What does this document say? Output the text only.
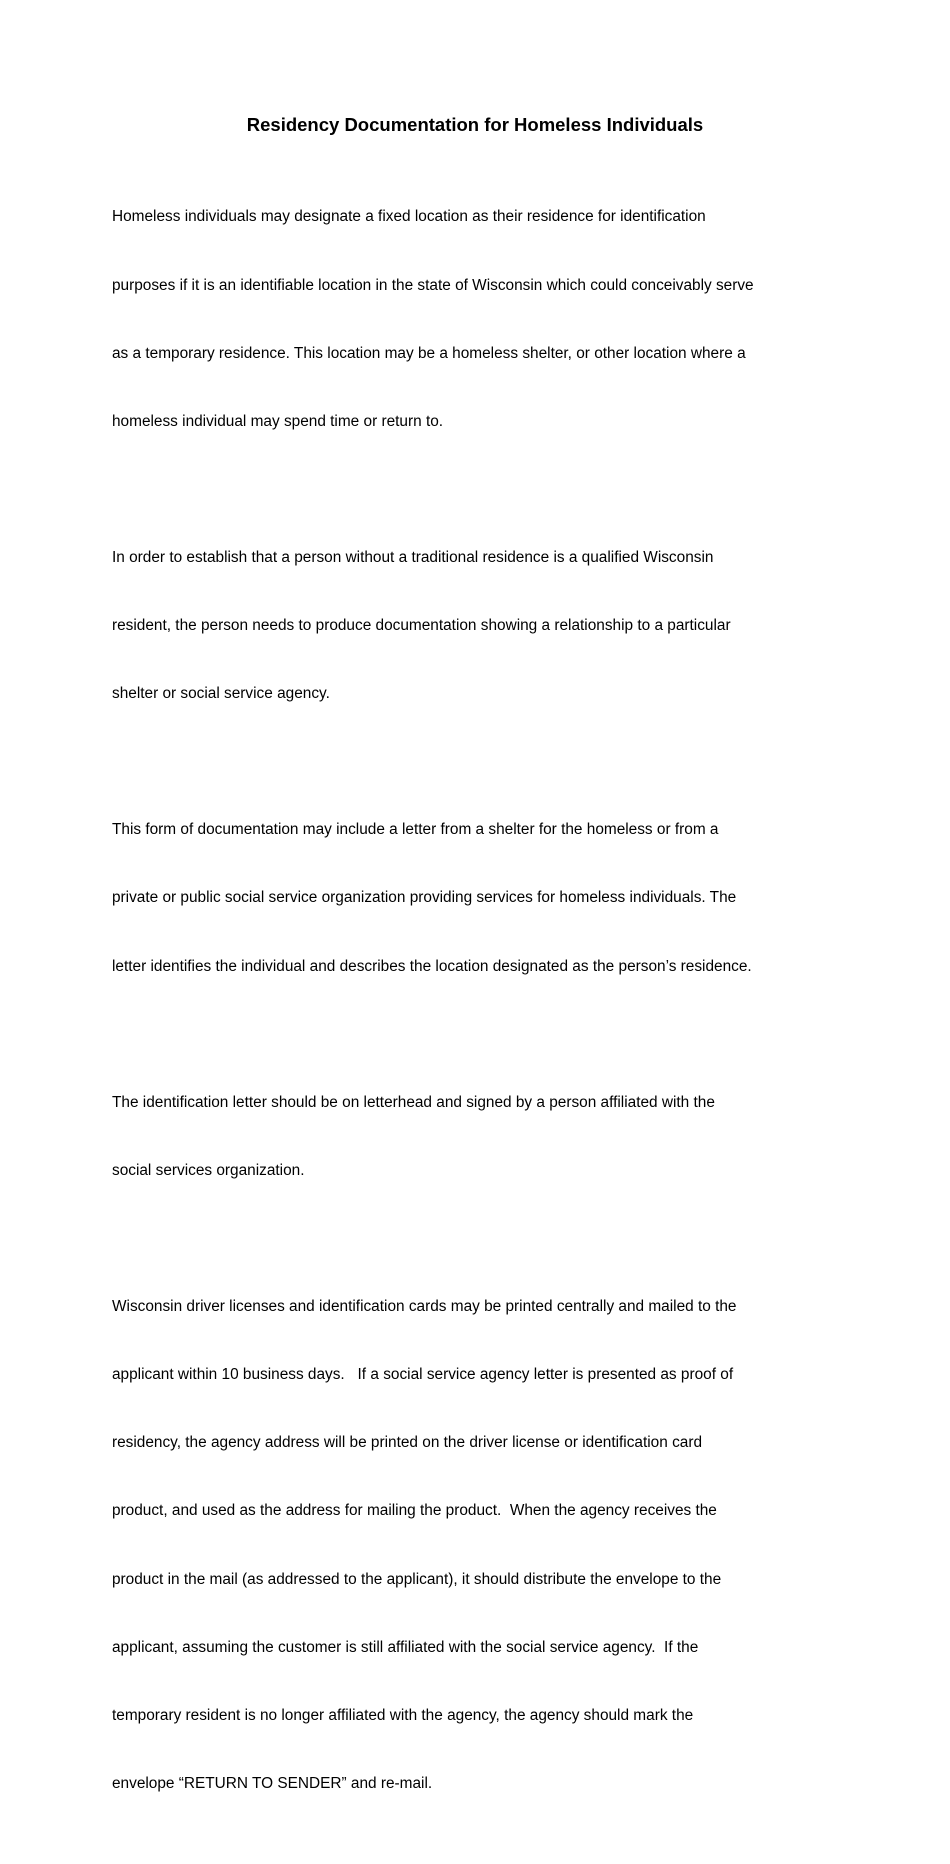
Residency Documentation for Homeless Individuals

Homeless individuals may designate a fixed location as their residence for identification

purposes if it is an identifiable location in the state of Wisconsin which could conceivably serve

as a temporary residence. This location may be a homeless shelter, or other location where a

homeless individual may spend time or return to.

In order to establish that a person without a traditional residence is a qualified Wisconsin

resident, the person needs to produce documentation showing a relationship to a particular

shelter or social service agency.

This form of documentation may include a letter from a shelter for the homeless or from a

private or public social service organization providing services for homeless individuals. The

letter identifies the individual and describes the location designated as the person’s residence.

The identification letter should be on letterhead and signed by a person affiliated with the

social services organization.

Wisconsin driver licenses and identification cards may be printed centrally and mailed to the

applicant within 10 business days.   If a social service agency letter is presented as proof of

residency, the agency address will be printed on the driver license or identification card

product, and used as the address for mailing the product.  When the agency receives the

product in the mail (as addressed to the applicant), it should distribute the envelope to the

applicant, assuming the customer is still affiliated with the social service agency.  If the

temporary resident is no longer affiliated with the agency, the agency should mark the

envelope “RETURN TO SENDER” and re-mail.
